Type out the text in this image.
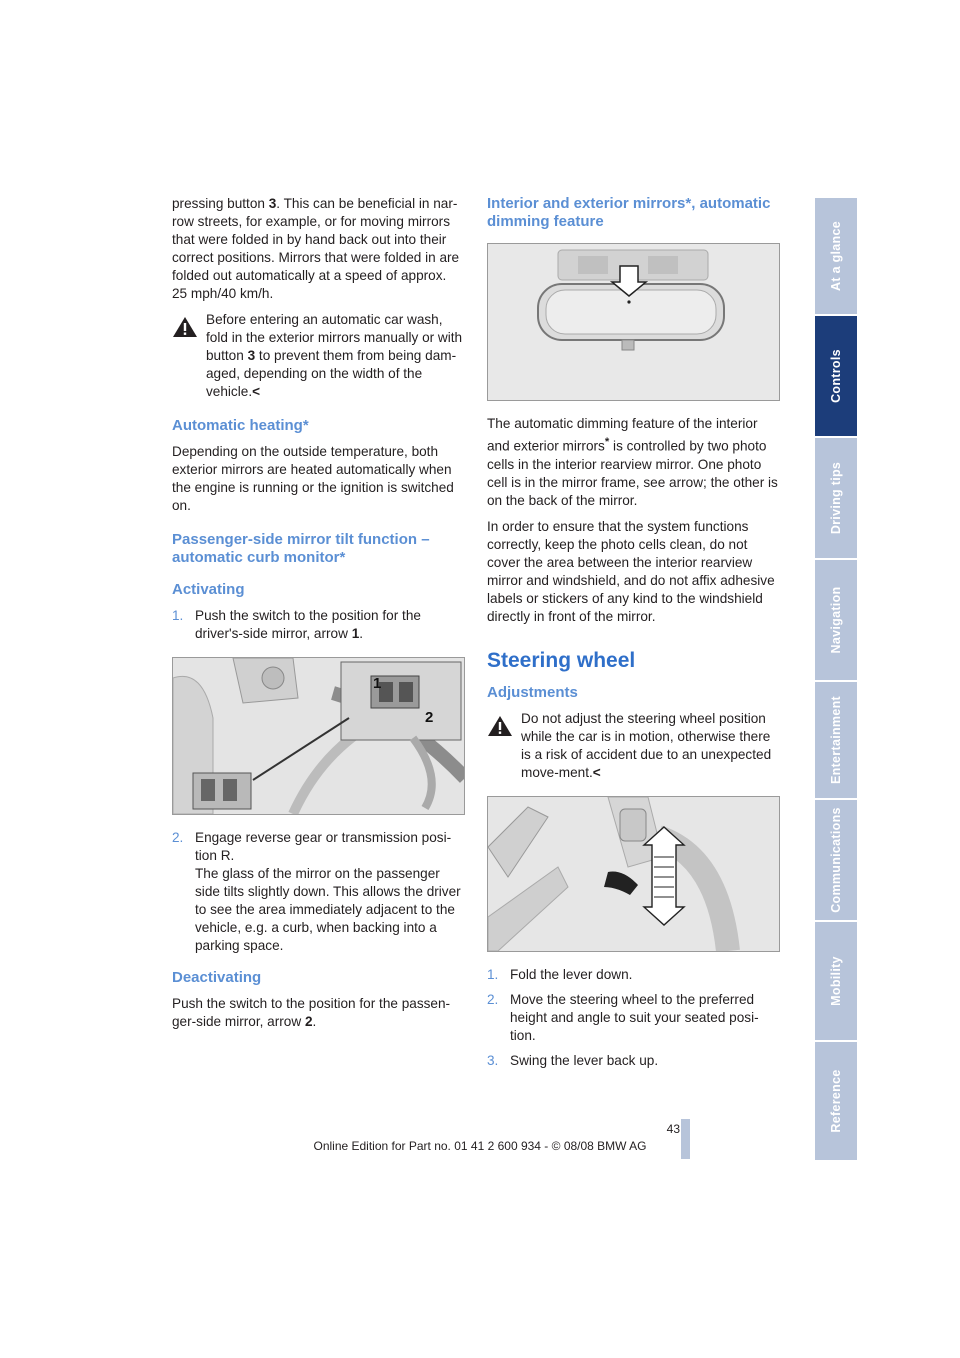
pressing button 3. This can be beneficial in nar-row streets, for example, or for moving mirrors that were folded in by hand back out into their correct positions. Mirrors that were folded in are folded out automatically at a speed of approx. 25 mph/40 km/h.

Before entering an automatic car wash, fold in the exterior mirrors manually or with button 3 to prevent them from being dam-aged, depending on the width of the vehicle.<

Automatic heating*

Depending on the outside temperature, both exterior mirrors are heated automatically when the engine is running or the ignition is switched on.

Passenger-side mirror tilt function – automatic curb monitor*
Activating
1. Push the switch to the position for the driver's-side mirror, arrow 1.
1
2
2. Engage reverse gear or transmission posi-tion R.
The glass of the mirror on the passenger side tilts slightly down. This allows the driver to see the area immediately adjacent to the vehicle, e.g. a curb, when backing into a parking space.
Deactivating

Push the switch to the position for the passen-ger-side mirror, arrow 2.

Interior and exterior mirrors*, automatic dimming feature

The automatic dimming feature of the interior and exterior mirrors* is controlled by two photo cells in the interior rearview mirror. One photo cell is in the mirror frame, see arrow; the other is on the back of the mirror.

In order to ensure that the system functions correctly, keep the photo cells clean, do not cover the area between the interior rearview mirror and windshield, and do not affix adhesive labels or stickers of any kind to the windshield directly in front of the mirror.

Steering wheel
Adjustments

Do not adjust the steering wheel position while the car is in motion, otherwise there is a risk of accident due to an unexpected move-ment.<

1. Fold the lever down.
2. Move the steering wheel to the preferred height and angle to suit your seated posi-tion.
3. Swing the lever back up.
At a glance
Controls
Driving tips
Navigation
Entertainment
Communications
Mobility
Reference
43
Online Edition for Part no. 01 41 2 600 934 - © 08/08 BMW AG
